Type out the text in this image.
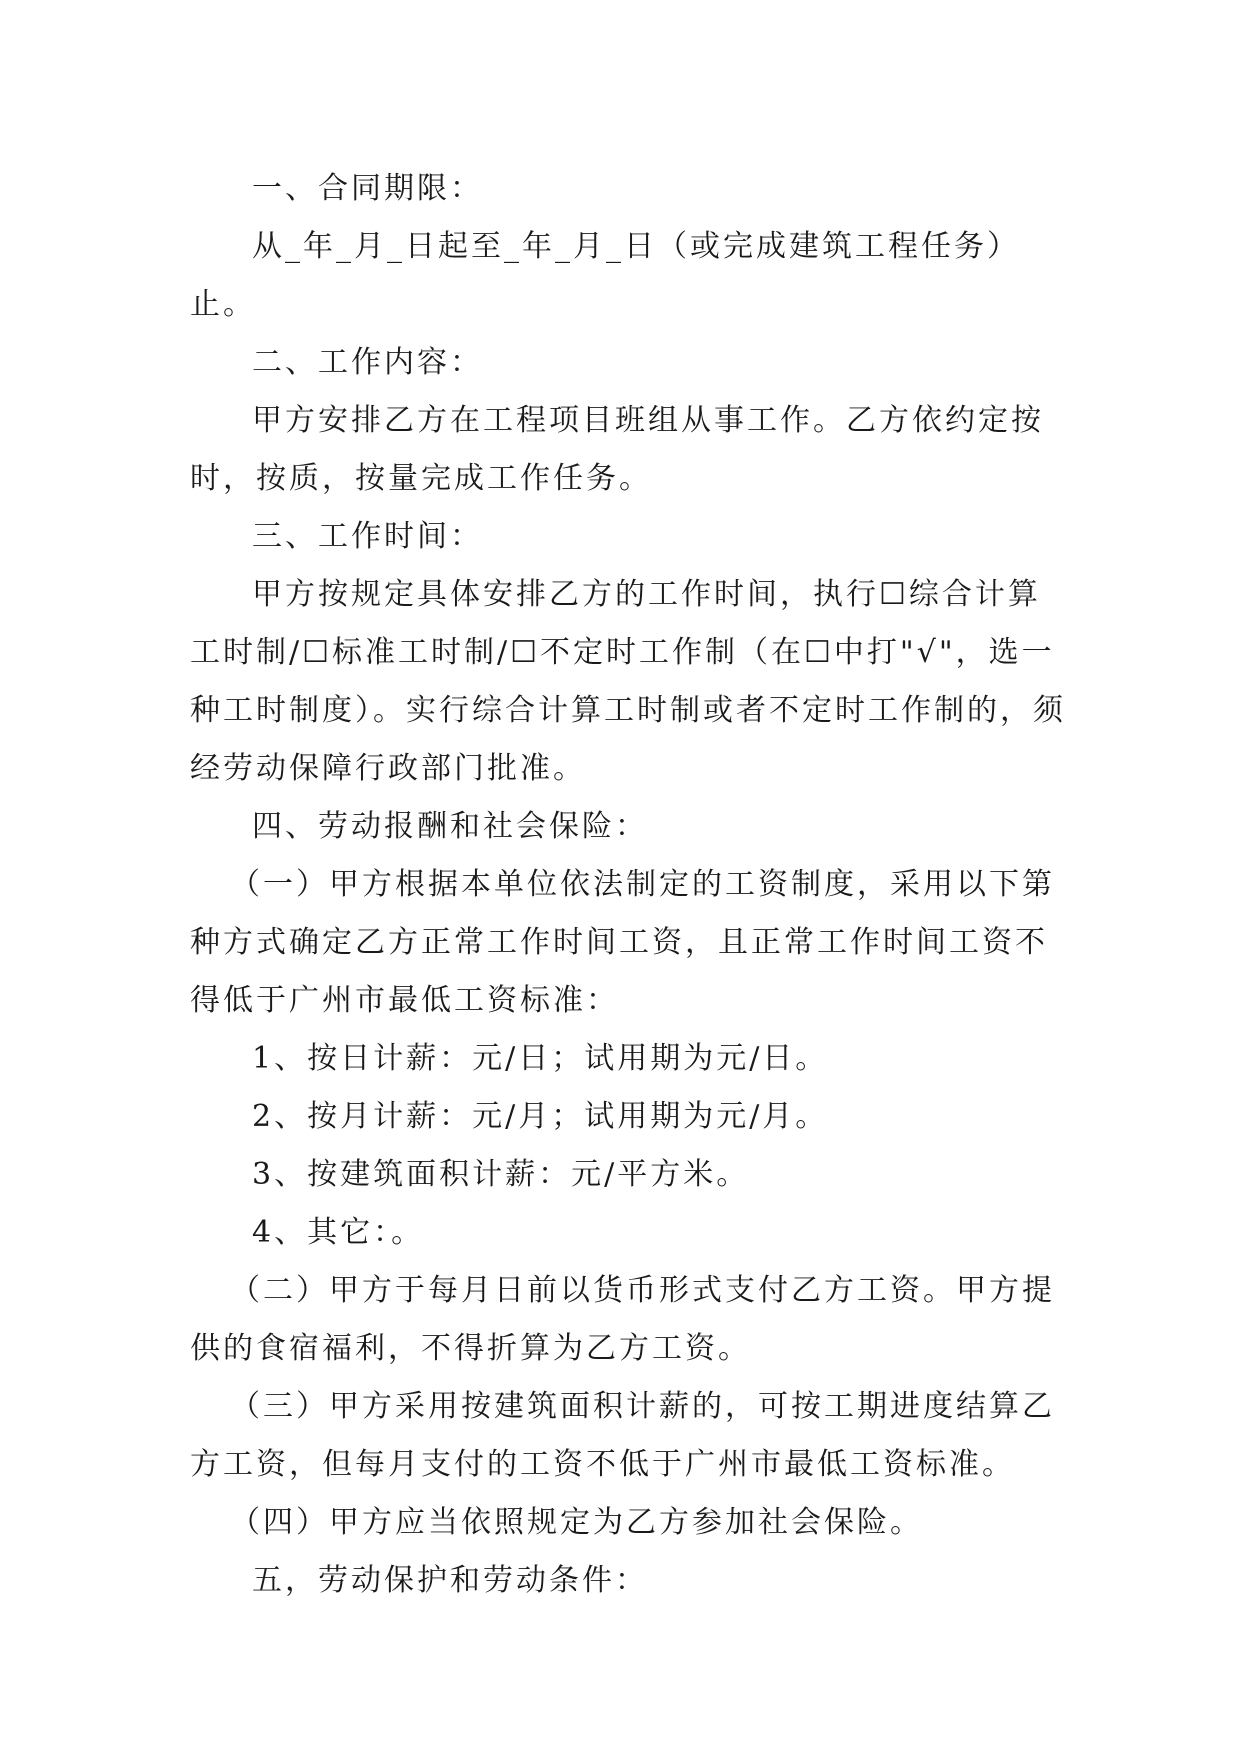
一、合同期限：

从_年_月_日起至_年_月_日（或完成建筑工程任务）止。

二、工作内容：

甲方安排乙方在工程项目班组从事工作。乙方依约定按时，按质，按量完成工作任务。

三、工作时间：

甲方按规定具体安排乙方的工作时间，执行☐综合计算工时制/☐标准工时制/☐不定时工作制（在☐中打"√"，选一种工时制度）。实行综合计算工时制或者不定时工作制的，须经劳动保障行政部门批准。

四、劳动报酬和社会保险：

（一）甲方根据本单位依法制定的工资制度，采用以下第种方式确定乙方正常工作时间工资，且正常工作时间工资不得低于广州市最低工资标准：

1、按日计薪：元/日；试用期为元/日。

2、按月计薪：元/月；试用期为元/月。

3、按建筑面积计薪：元/平方米。

4、其它：。

（二）甲方于每月日前以货币形式支付乙方工资。甲方提供的食宿福利，不得折算为乙方工资。

（三）甲方采用按建筑面积计薪的，可按工期进度结算乙方工资，但每月支付的工资不低于广州市最低工资标准。

（四）甲方应当依照规定为乙方参加社会保险。

五，劳动保护和劳动条件：
